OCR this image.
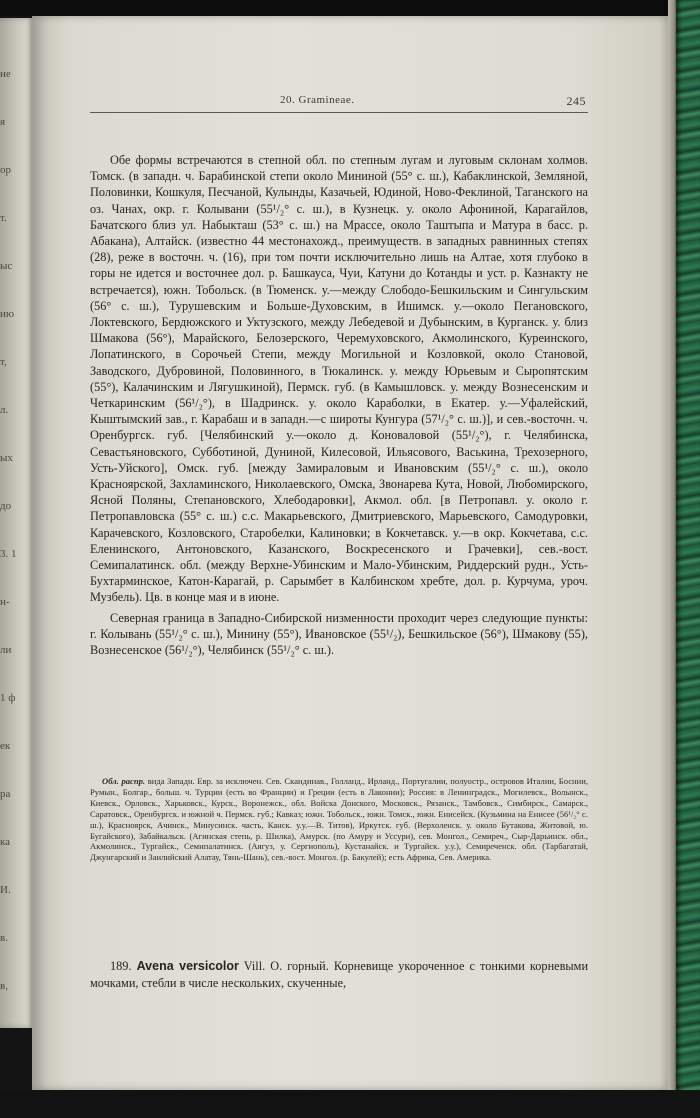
не
я
ор
т.
ыс
ию
т,
л.
ых
до
3. 1
н-
ли
1 ф
ек
ра
ка
И.
в.
в,
20. Gramineae.	245

Обе формы встречаются в степной обл. по степным лугам и луговым склонам холмов. Томск. (в западн. ч. Барабинской степи около Мининой (55° с. ш.), Кабаклинской, Земляной, Половинки, Кошкуля, Песчаной, Кулынды, Казачьей, Юдиной, Ново-Феклиной, Таганского на оз. Чанах, окр. г. Колывани (55¹/₂° с. ш.), в Кузнецк. у. около Афониной, Карагайлов, Бачатского близ ул. Набыкташ (53° с. ш.) на Мрассе, около Таштыпа и Матура в басс. р. Абакана), Алтайск. (известно 44 местонахожд., преимуществ. в западных равнинных степях (28), реже в восточн. ч. (16), при том почти исключительно лишь на Алтае, хотя глубоко в горы не идется и восточнее дол. р. Башкауса, Чуи, Катуни до Котанды и уст. р. Казнакту не встречается), южн. Тобольск. (в Тюменск. у.—между Слободо-Бешкильским и Сингульским (56° с. ш.), Турушевским и Больше-Духовским, в Ишимск. у.—около Пегановского, Локтевского, Бердюжского и Уктузского, между Лебедевой и Дубынским, в Курганск. у. близ Шмакова (56°), Марайского, Белозерского, Черемуховского, Акмолинского, Куреинского, Лопатинского, в Сорочьей Степи, между Могильной и Козловкой, около Становой, Заводского, Дубровиной, Половинного, в Тюкалинск. у. между Юрьевым и Сыропятским (55°), Калачинским и Лягушкиной), Пермск. губ. (в Камышловск. у. между Вознесенским и Четкаринским (56¹/₂°), в Шадринск. у. около Караболки, в Екатер. у.—Уфалейский, Кыштымский зав., г. Карабаш и в западн.—с широты Кунгура (57¹/₂° с. ш.)], и сев.-восточн. ч. Оренбургск. губ. [Челябинский у.—около д. Коноваловой (55¹/₂°), г. Челябинска, Севастьяновского, Субботиной, Дуниной, Килесовой, Ильясового, Васькина, Трехозерного, Усть-Уйского], Омск. губ. [между Замираловым и Ивановским (55¹/₂° с. ш.), около Красноярской, Захламинского, Николаевского, Омска, Звонарева Кута, Новой, Любомирского, Ясной Поляны, Степановского, Хлебодаровки], Акмол. обл. [в Петропавл. у. около г. Петропавловска (55° с. ш.) с.с. Макарьевского, Дмитриевского, Марьевского, Самодуровки, Карачевского, Козловского, Старобелки, Калиновки; в Кокчетавск. у.—в окр. Кокчетава, с.с. Еленинского, Антоновского, Казанского, Воскресенского и Грачевки], сев.-вост. Семипалатинск. обл. (между Верхне-Убинским и Мало-Убинским, Риддерский рудн., Усть-Бухтарминское, Катон-Карагай, р. Сарымбет в Калбинском хребте, дол. р. Курчума, уроч. Музбель). Цв. в конце мая и в июне.

Северная граница в Западно-Сибирской низменности проходит через следующие пункты: г. Колывань (55¹/₂° с. ш.), Минину (55°), Ивановское (55¹/₂), Бешкильское (56°), Шмакову (55), Вознесенское (56¹/₂°), Челябинск (55¹/₂° с. ш.).

Обл. распр. вида Западн. Евр. за исключен. Сев. Скандинав., Голланд., Ирланд., Португалии, полуостр., островов Италии, Боснии, Румын., Болгар., больш. ч. Турции (есть во Франции) и Греции (есть в Лаконии); Россия: в Ленинградск., Могилевск., Волынск., Киевск., Орловск., Харьковск., Курск., Воронежск., обл. Войска Донского, Московск., Рязанск., Тамбовск., Симбирск., Самарск., Саратовск., Оренбургск. и южной ч. Пермск. губ.; Кавказ; южн. Тобольск., южн. Томск., южн. Енисейск. (Кузьмина на Енисее (56¹/₂° с. ш.), Красноярск, Ачинск., Минусинск. часть, Канск. у.у.—В. Титов), Иркутск. губ. (Верхоленск. у. около Бутакова, Житовой, ю. Бугайского), Забайкальск. (Агинская степь, р. Шилка), Амурск. (по Амуру и Уссури), сев. Монгол., Семиреч., Сыр-Дарьинск. обл., Акмолинск., Тургайск., Семипалатинск. (Аягуз, у. Сергиополь), Кустанайск. и Тургайск. у.у.), Семиреченск. обл. (Тарбагатай, Джунгарский и Заилийский Алатау, Тянь-Шань), сев.-вост. Монгол. (р. Бакулей); есть Африка, Сев. Америка.

189. Avena versicolor Vill. О. горный. Корневище укороченное с тонкими корневыми мочками, стебли в числе нескольких, скученные,
